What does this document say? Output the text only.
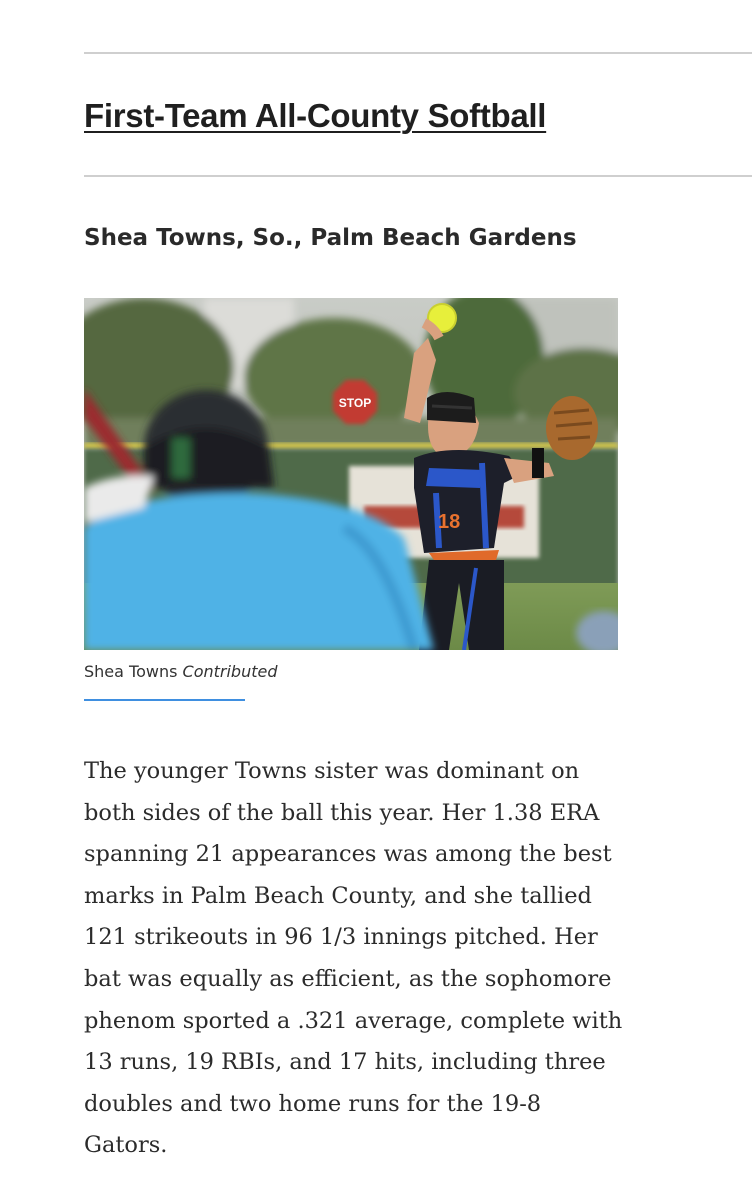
First-Team All-County Softball
Shea Towns, So., Palm Beach Gardens
STOP
18
Shea Towns Contributed
The younger Towns sister was dominant on
both sides of the ball this year. Her 1.38 ERA
spanning 21 appearances was among the best
marks in Palm Beach County, and she tallied
121 strikeouts in 96 1/3 innings pitched. Her
bat was equally as efficient, as the sophomore
phenom sported a .321 average, complete with
13 runs, 19 RBIs, and 17 hits, including three
doubles and two home runs for the 19-8
Gators.
